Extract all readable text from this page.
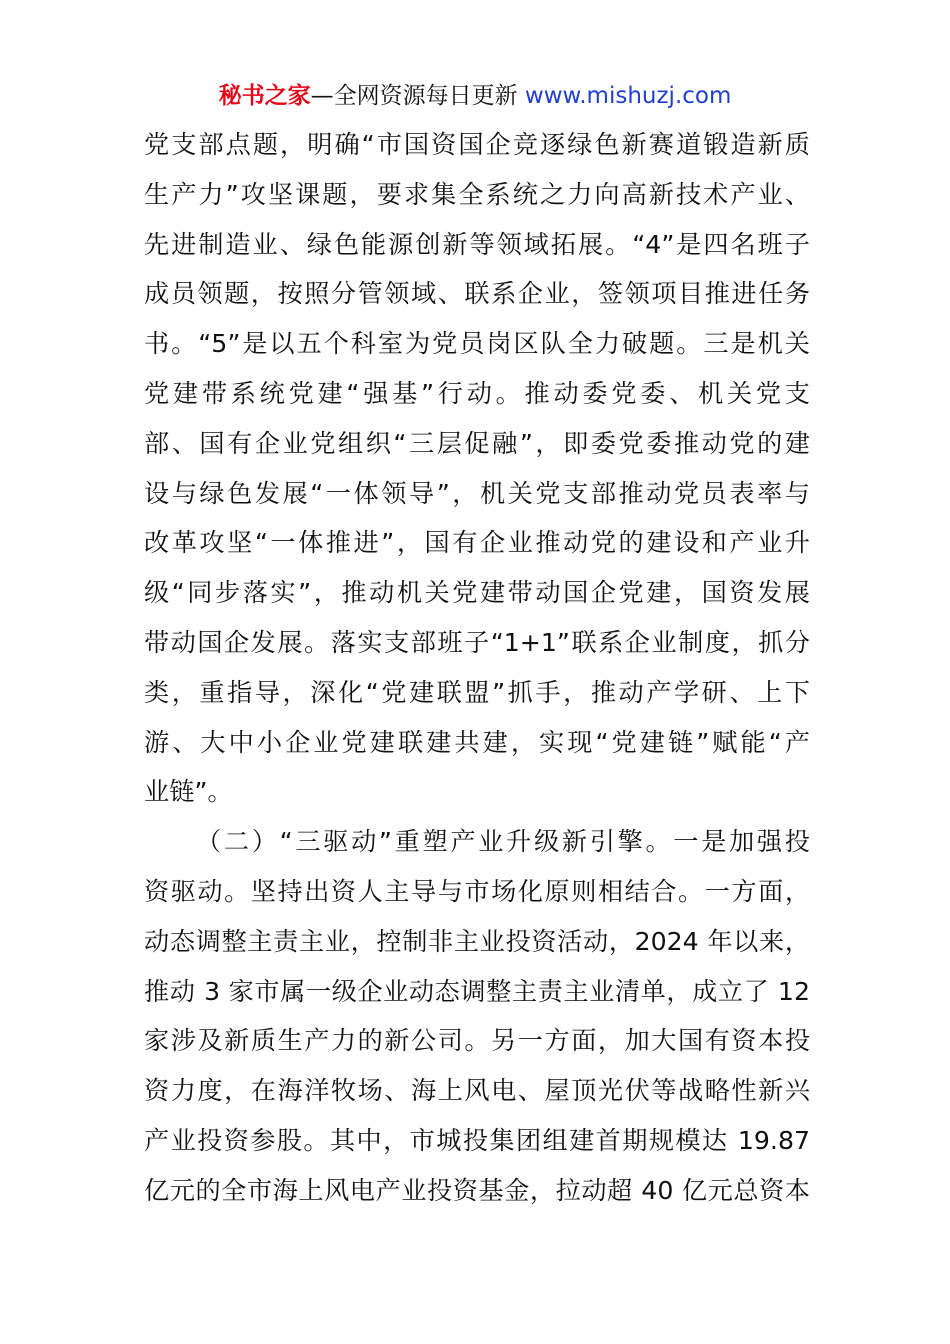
秘书之家—全网资源每日更新 www.mishuzj.com
党支部点题，明确“市国资国企竞逐绿色新赛道锻造新质
生产力”攻坚课题，要求集全系统之力向高新技术产业、
先进制造业、绿色能源创新等领域拓展。“4”是四名班子
成员领题，按照分管领域、联系企业，签领项目推进任务
书。“5”是以五个科室为党员岗区队全力破题。三是机关
党建带系统党建“强基”行动。推动委党委、机关党支
部、国有企业党组织“三层促融”，即委党委推动党的建
设与绿色发展“一体领导”，机关党支部推动党员表率与
改革攻坚“一体推进”，国有企业推动党的建设和产业升
级“同步落实”，推动机关党建带动国企党建，国资发展
带动国企发展。落实支部班子“1+1”联系企业制度，抓分
类，重指导，深化“党建联盟”抓手，推动产学研、上下
游、大中小企业党建联建共建，实现“党建链”赋能“产
业链”。
（二）“三驱动”重塑产业升级新引擎。一是加强投
资驱动。坚持出资人主导与市场化原则相结合。一方面，
动态调整主责主业，控制非主业投资活动，2024 年以来，
推动 3 家市属一级企业动态调整主责主业清单，成立了 12
家涉及新质生产力的新公司。另一方面，加大国有资本投
资力度，在海洋牧场、海上风电、屋顶光伏等战略性新兴
产业投资参股。其中，市城投集团组建首期规模达 19.87
亿元的全市海上风电产业投资基金，拉动超 40 亿元总资本
